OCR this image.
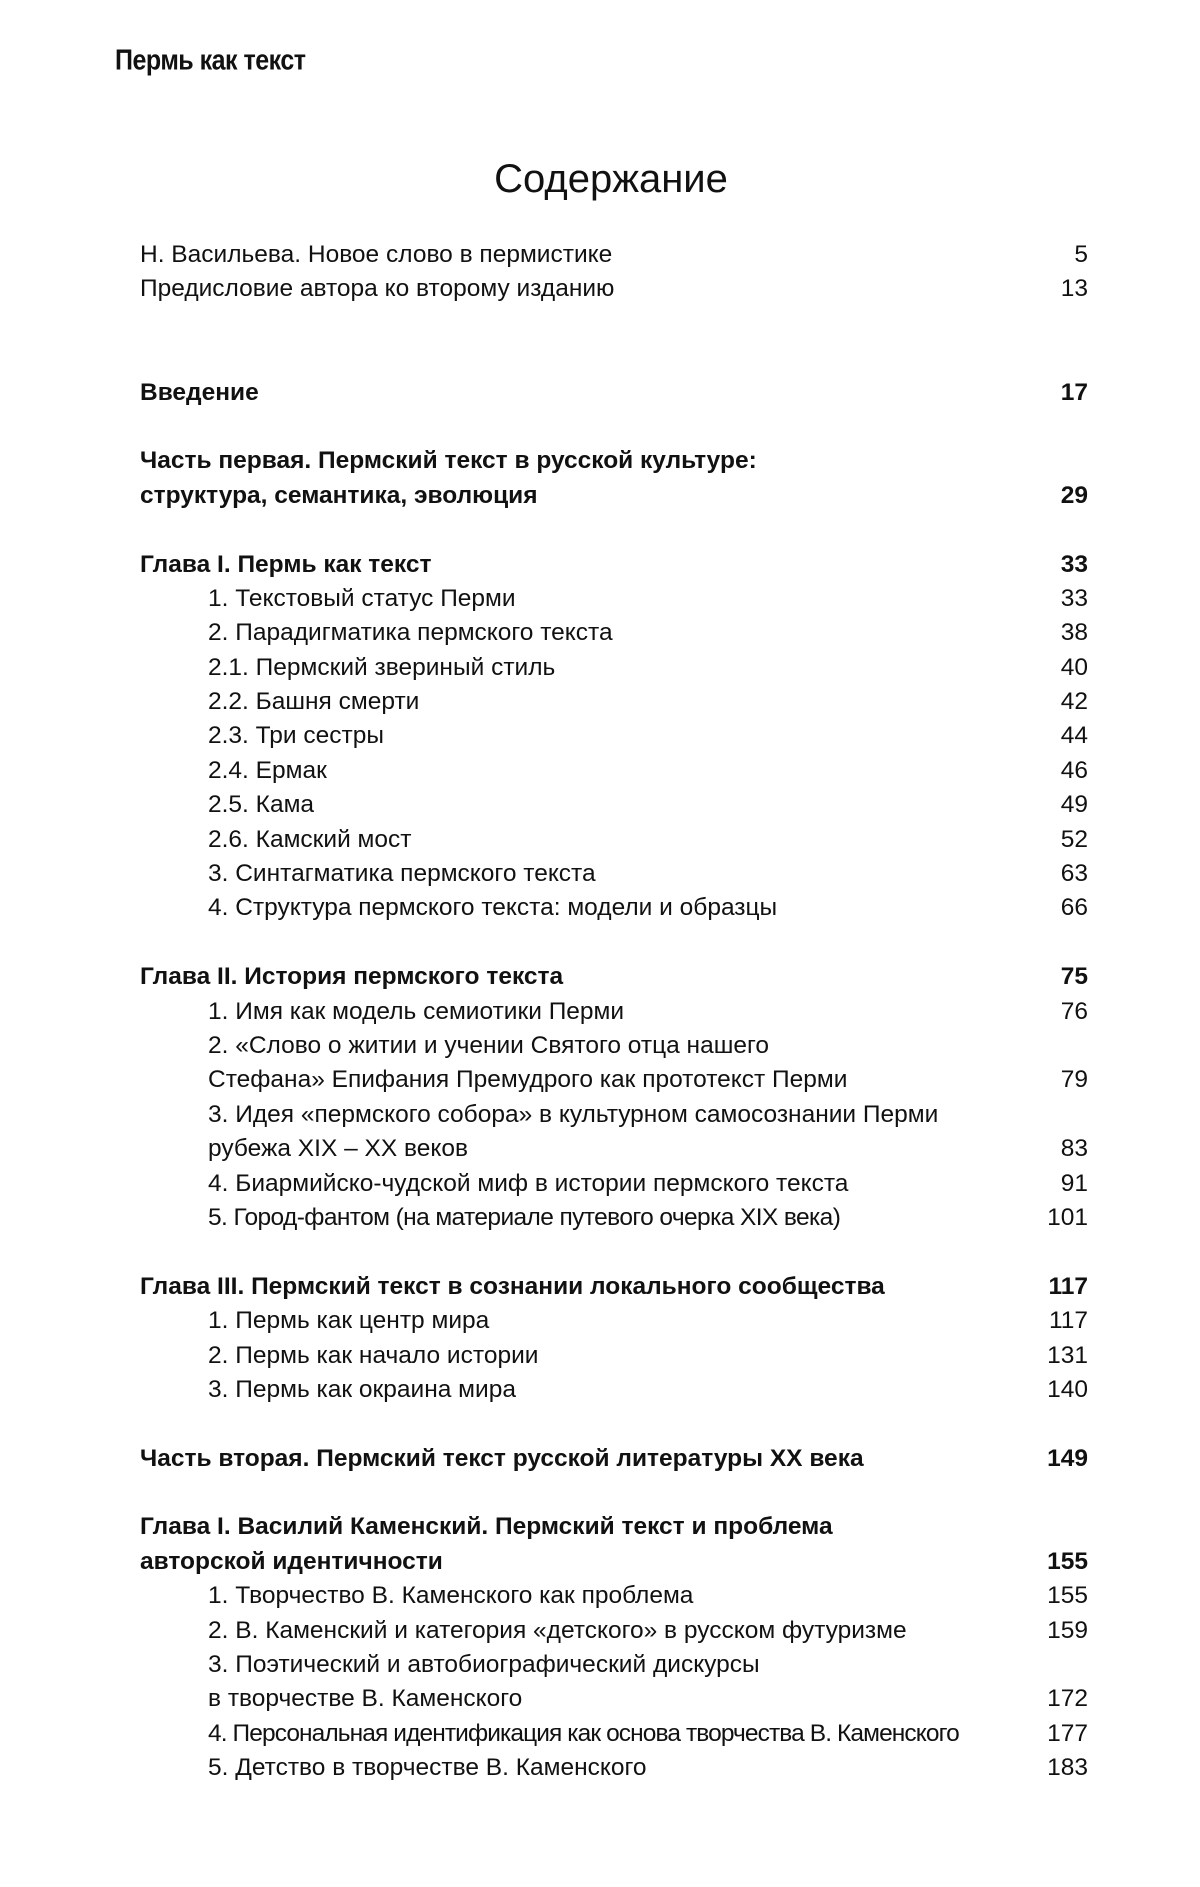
Пермь как текст
Содержание
Н. Васильева. Новое слово в пермистике	5
Предисловие автора ко второму изданию	13
Введение	17
Часть первая. Пермский текст в русской культуре:
структура, семантика, эволюция	29
Глава I. Пермь как текст	33
1. Текстовый статус Перми	33
2. Парадигматика пермского текста	38
2.1. Пермский звериный стиль	40
2.2. Башня смерти	42
2.3. Три сестры	44
2.4. Ермак	46
2.5. Кама	49
2.6. Камский мост	52
3. Синтагматика пермского текста	63
4. Структура пермского текста: модели и образцы	66
Глава II. История пермского текста	75
1. Имя как модель семиотики Перми	76
2. «Слово о житии и учении Святого отца нашего
Стефана» Епифания Премудрого как прототекст Перми	79
3. Идея «пермского собора» в культурном самосознании Перми
рубежа XIX – XX веков	83
4. Биармийско-чудской миф в истории пермского текста	91
5. Город-фантом (на материале путевого очерка XIX века)	101
Глава III. Пермский текст в сознании локального сообщества	117
1. Пермь как центр мира	117
2. Пермь как начало истории	131
3. Пермь как окраина мира	140
Часть вторая. Пермский текст русской литературы XX века	149
Глава I. Василий Каменский. Пермский текст и проблема
авторской идентичности	155
1. Творчество В. Каменского как проблема	155
2. В. Каменский и категория «детского» в русском футуризме	159
3. Поэтический и автобиографический дискурсы
в творчестве В. Каменского	172
4. Персональная идентификация как основа творчества В. Каменского	177
5. Детство в творчестве В. Каменского	183
